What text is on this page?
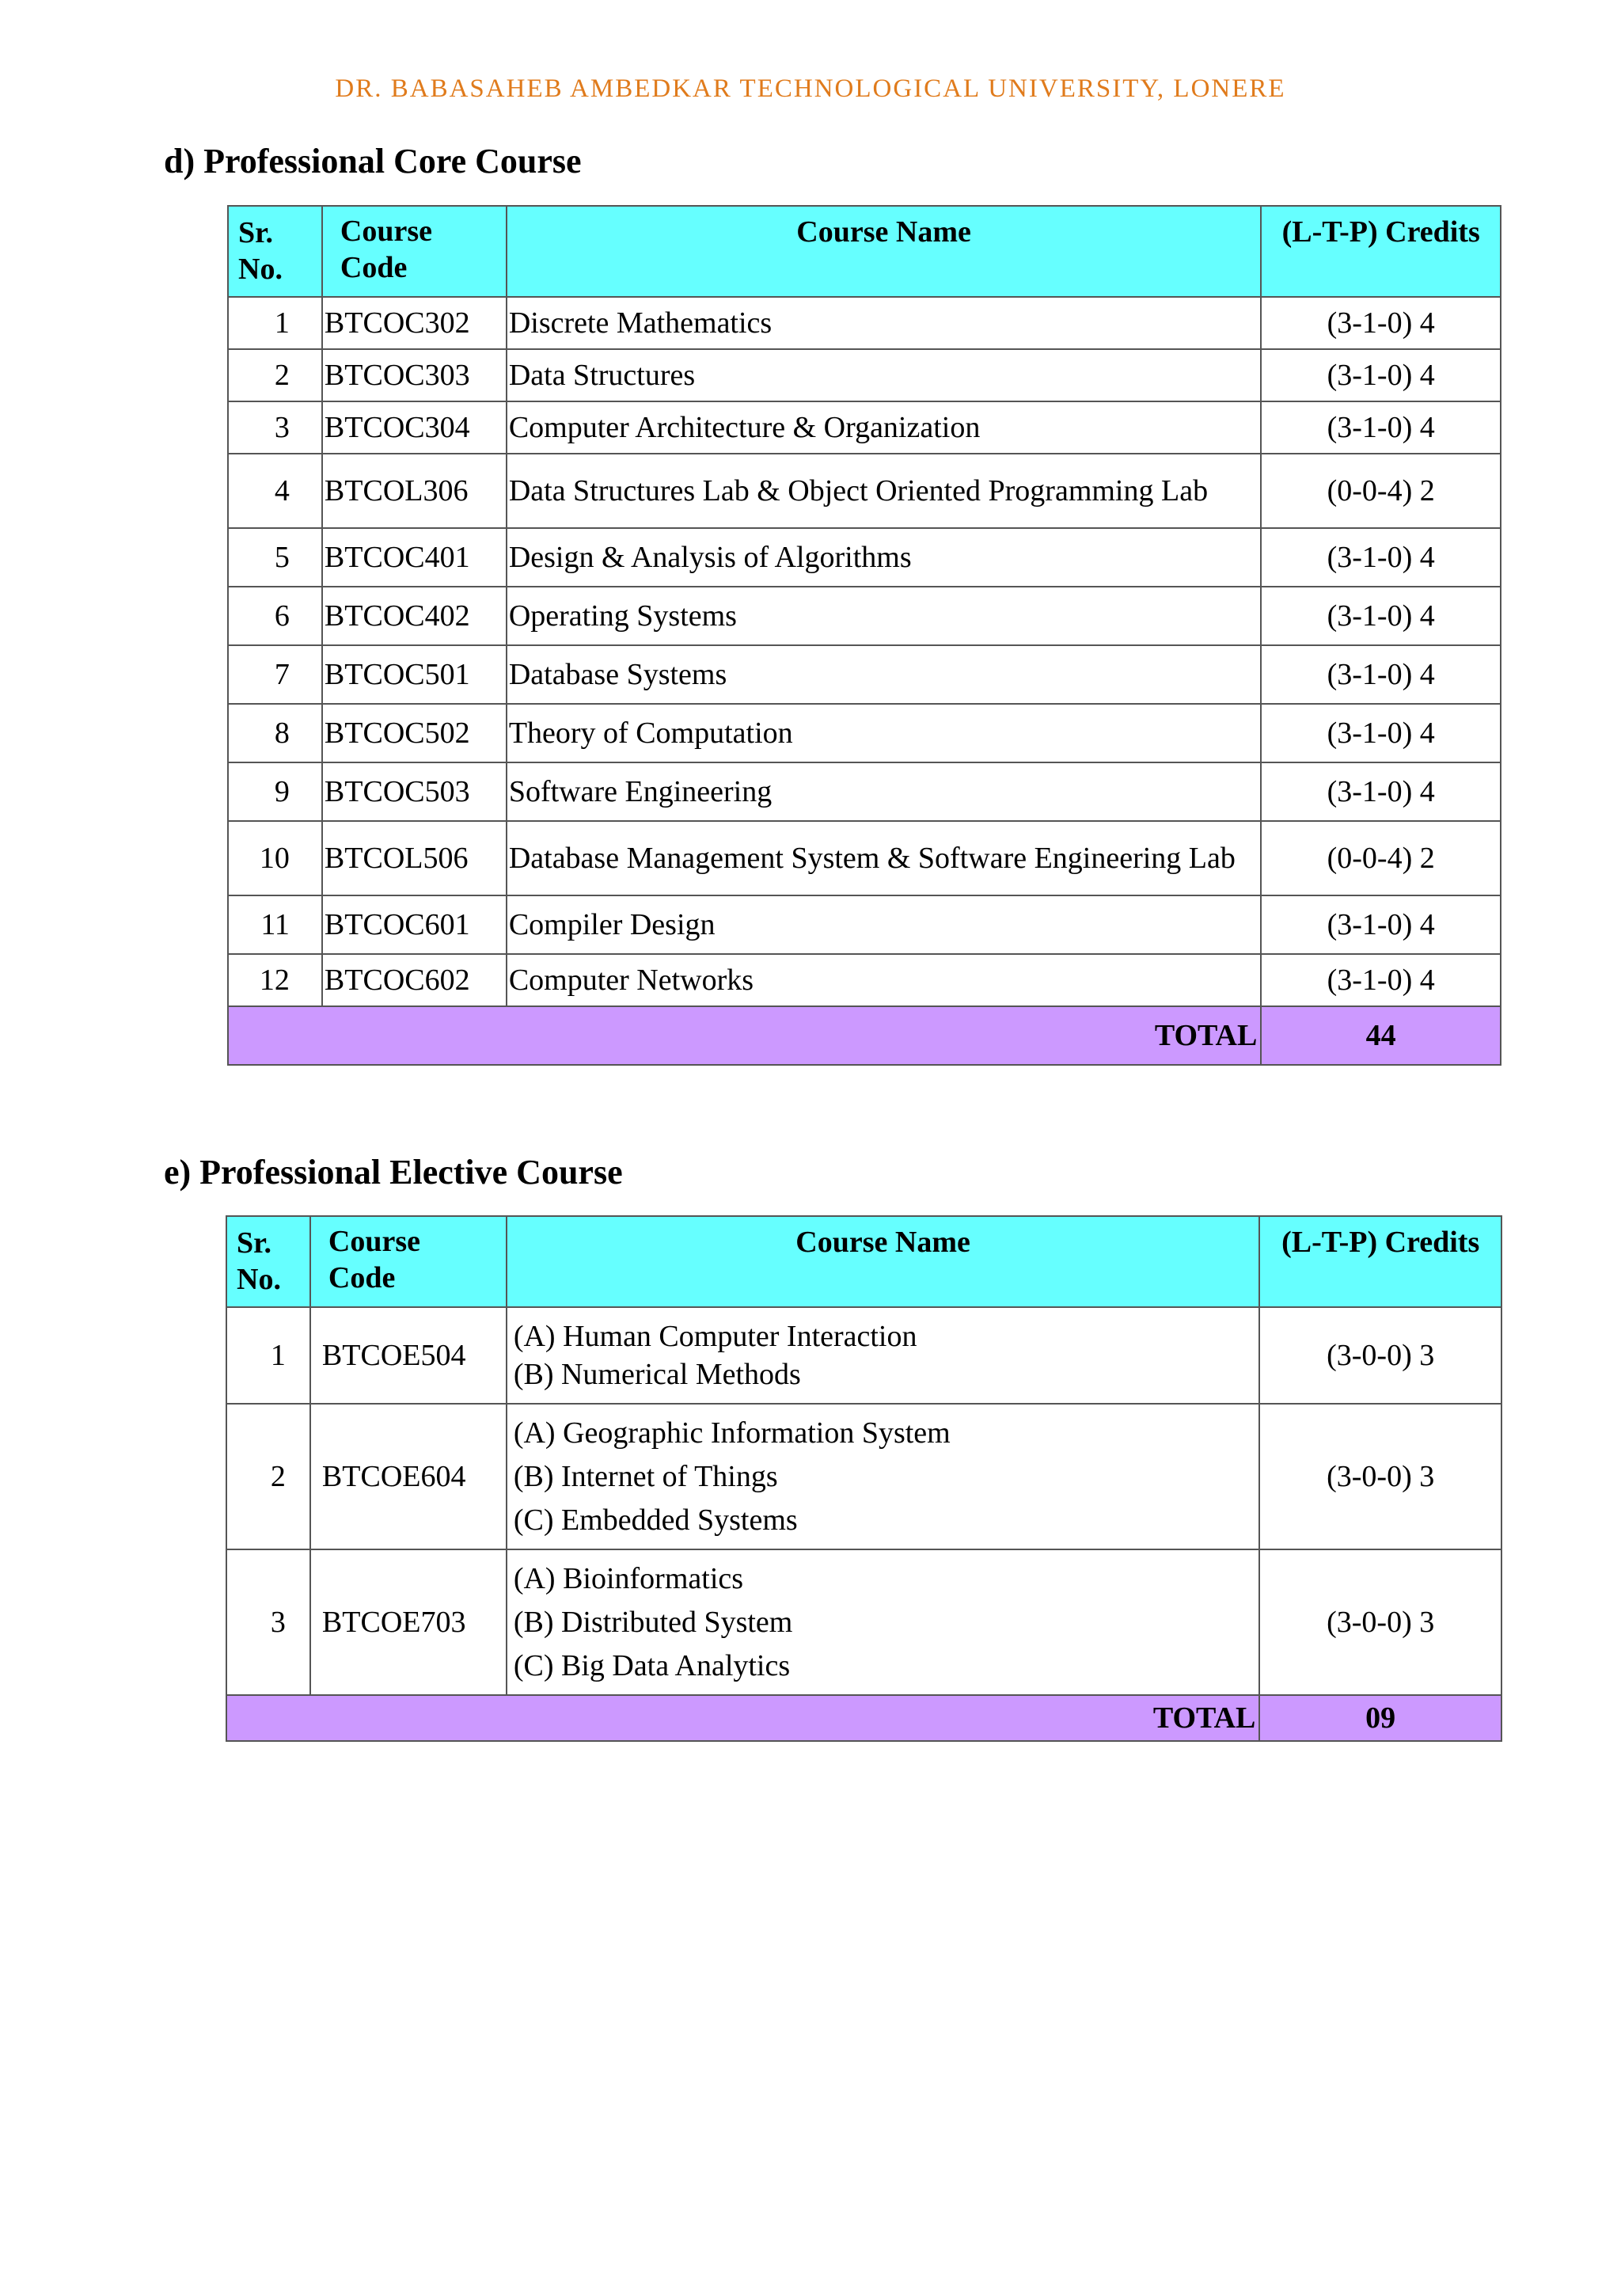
DR. BABASAHEB AMBEDKAR TECHNOLOGICAL UNIVERSITY, LONERE
d) Professional Core Course
Sr.
No.	Course
Code	Course Name	(L-T-P) Credits
1	BTCOC302	Discrete Mathematics	(3-1-0) 4
2	BTCOC303	Data Structures	(3-1-0) 4
3	BTCOC304	Computer Architecture & Organization	(3-1-0) 4
4	BTCOL306	Data Structures Lab & Object Oriented Programming Lab	(0-0-4) 2
5	BTCOC401	Design & Analysis of Algorithms	(3-1-0) 4
6	BTCOC402	Operating Systems	(3-1-0) 4
7	BTCOC501	Database Systems	(3-1-0) 4
8	BTCOC502	Theory of Computation	(3-1-0) 4
9	BTCOC503	Software Engineering	(3-1-0) 4
10	BTCOL506	Database Management System & Software Engineering Lab	(0-0-4) 2
11	BTCOC601	Compiler Design	(3-1-0) 4
12	BTCOC602	Computer Networks	(3-1-0) 4
TOTAL			44
e) Professional Elective Course
Sr.
No.	Course
Code	Course Name	(L-T-P) Credits
1	BTCOE504	(A) Human Computer Interaction
(B) Numerical Methods	(3-0-0) 3
2	BTCOE604	(A) Geographic Information System
(B) Internet of Things
(C) Embedded Systems	(3-0-0) 3
3	BTCOE703	(A) Bioinformatics
(B) Distributed System
(C) Big Data Analytics	(3-0-0) 3
TOTAL			09
